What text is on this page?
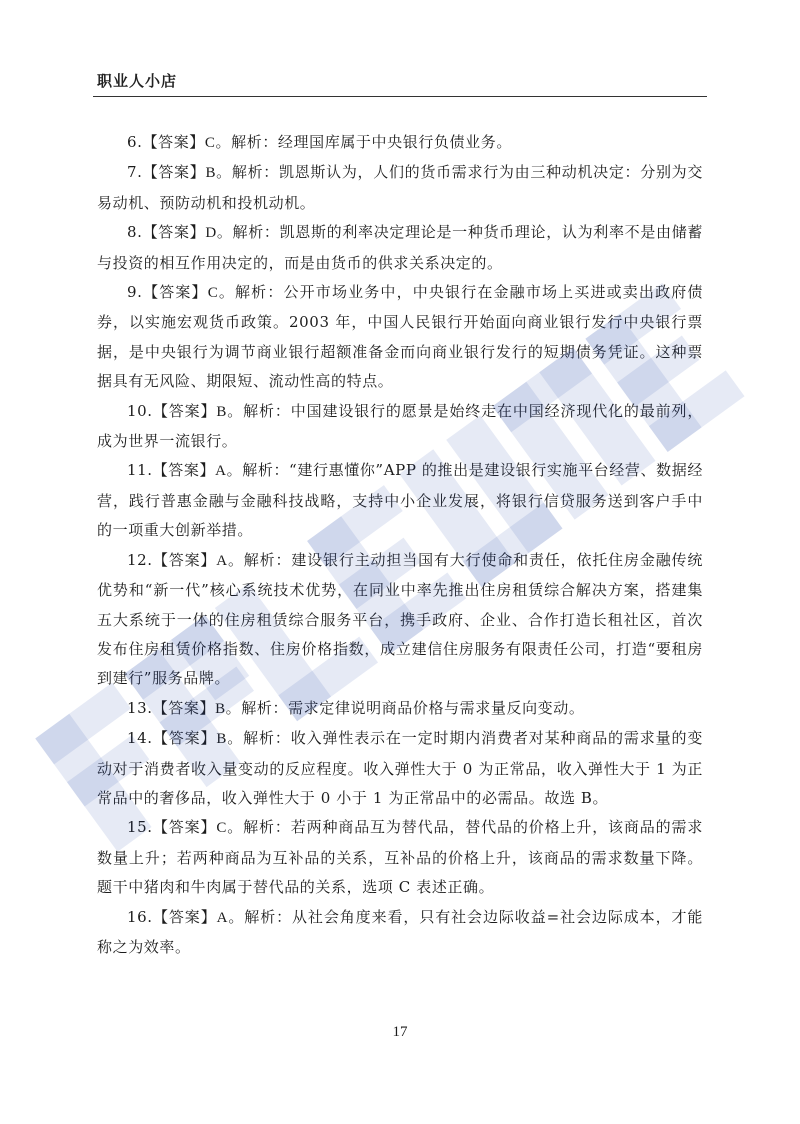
职业人小店

6.【答案】C。解析：经理国库属于中央银行负债业务。

7.【答案】B。解析：凯恩斯认为，人们的货币需求行为由三种动机决定：分别为交易动机、预防动机和投机动机。

8.【答案】D。解析：凯恩斯的利率决定理论是一种货币理论，认为利率不是由储蓄与投资的相互作用决定的，而是由货币的供求关系决定的。

9.【答案】C。解析：公开市场业务中，中央银行在金融市场上买进或卖出政府债券，以实施宏观货币政策。2003 年，中国人民银行开始面向商业银行发行中央银行票据，是中央银行为调节商业银行超额准备金而向商业银行发行的短期债务凭证。这种票据具有无风险、期限短、流动性高的特点。

10.【答案】B。解析：中国建设银行的愿景是始终走在中国经济现代化的最前列，成为世界一流银行。

11.【答案】A。解析：“建行惠懂你”APP 的推出是建设银行实施平台经营、数据经营，践行普惠金融与金融科技战略，支持中小企业发展，将银行信贷服务送到客户手中的一项重大创新举措。

12.【答案】A。解析：建设银行主动担当国有大行使命和责任，依托住房金融传统优势和“新一代”核心系统技术优势，在同业中率先推出住房租赁综合解决方案，搭建集五大系统于一体的住房租赁综合服务平台，携手政府、企业、合作打造长租社区，首次发布住房租赁价格指数、住房价格指数，成立建信住房服务有限责任公司，打造“要租房到建行”服务品牌。

13.【答案】B。解析：需求定律说明商品价格与需求量反向变动。

14.【答案】B。解析：收入弹性表示在一定时期内消费者对某种商品的需求量的变动对于消费者收入量变动的反应程度。收入弹性大于 0 为正常品，收入弹性大于 1 为正常品中的奢侈品，收入弹性大于 0 小于 1 为正常品中的必需品。故选 B。

15.【答案】C。解析：若两种商品互为替代品，替代品的价格上升，该商品的需求数量上升；若两种商品为互补品的关系，互补品的价格上升，该商品的需求数量下降。题干中猪肉和牛肉属于替代品的关系，选项 C 表述正确。

16.【答案】A。解析：从社会角度来看，只有社会边际收益=社会边际成本，才能称之为效率。

17
